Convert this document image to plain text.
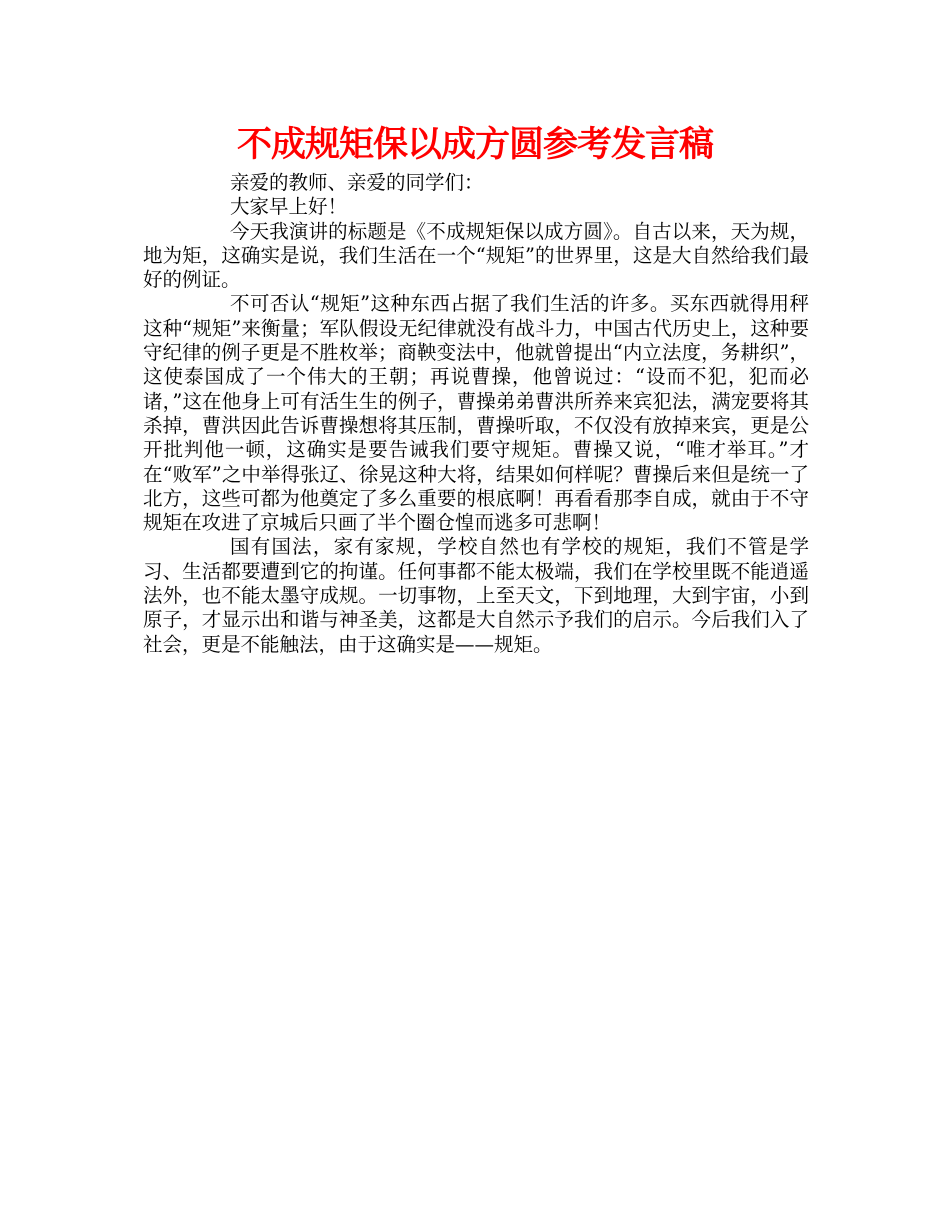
不成规矩保以成方圆参考发言稿

亲爱的教师、亲爱的同学们：

大家早上好！

今天我演讲的标题是《不成规矩保以成方圆》。自古以来，天为规，地为矩，这确实是说，我们生活在一个“规矩”的世界里，这是大自然给我们最好的例证。

不可否认“规矩”这种东西占据了我们生活的许多。买东西就得用秤这种“规矩”来衡量；军队假设无纪律就没有战斗力，中国古代历史上，这种要守纪律的例子更是不胜枚举；商鞅变法中，他就曾提出“内立法度，务耕织”，这使泰国成了一个伟大的王朝；再说曹操，他曾说过：“设而不犯，犯而必诸，”这在他身上可有活生生的例子，曹操弟弟曹洪所养来宾犯法，满宠要将其杀掉，曹洪因此告诉曹操想将其压制，曹操听取，不仅没有放掉来宾，更是公开批判他一顿，这确实是要告诫我们要守规矩。曹操又说，“唯才举耳。”才在“败军”之中举得张辽、徐晃这种大将，结果如何样呢？曹操后来但是统一了北方，这些可都为他奠定了多么重要的根底啊！再看看那李自成，就由于不守规矩在攻进了京城后只画了半个圈仓惶而逃多可悲啊！

国有国法，家有家规，学校自然也有学校的规矩，我们不管是学习、生活都要遭到它的拘谨。任何事都不能太极端，我们在学校里既不能逍遥法外，也不能太墨守成规。一切事物，上至天文，下到地理，大到宇宙，小到原子，才显示出和谐与神圣美，这都是大自然示予我们的启示。今后我们入了社会，更是不能触法，由于这确实是——规矩。
